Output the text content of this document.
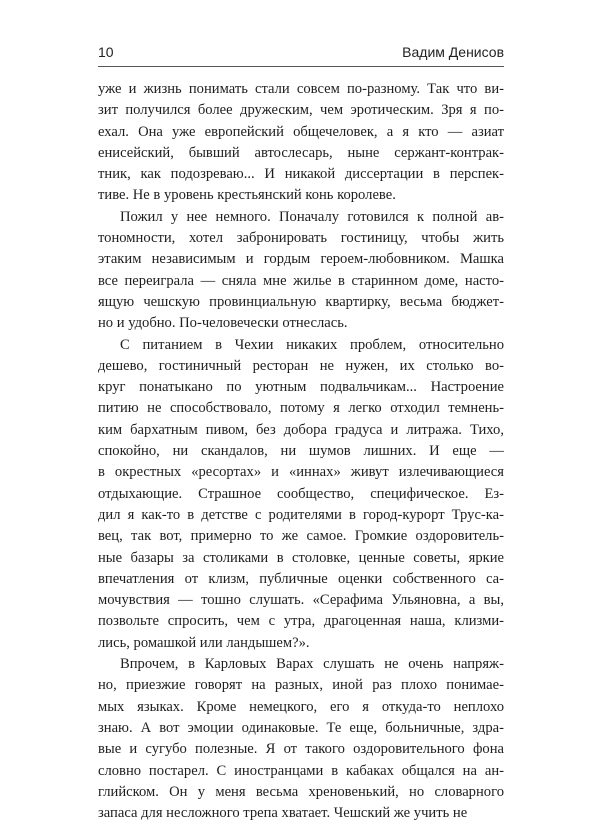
10	Вадим Денисов
уже и жизнь понимать стали совсем по-разному. Так что ви-
зит получился более дружеским, чем эротическим. Зря я по-
ехал. Она уже европейский общечеловек, а я кто — азиат
енисейский, бывший автослесарь, ныне сержант-контрак-
тник, как подозреваю... И никакой диссертации в перспек-
тиве. Не в уровень крестьянский конь королеве.
Пожил у нее немного. Поначалу готовился к полной ав-
тономности, хотел забронировать гостиницу, чтобы жить
этаким независимым и гордым героем-любовником. Машка
все переиграла — сняла мне жилье в старинном доме, насто-
ящую чешскую провинциальную квартирку, весьма бюджет-
но и удобно. По-человечески отнеслась.
С питанием в Чехии никаких проблем, относительно
дешево, гостиничный ресторан не нужен, их столько во-
круг понатыкано по уютным подвальчикам... Настроение
питию не способствовало, потому я легко отходил темнень-
ким бархатным пивом, без добора градуса и литража. Тихо,
спокойно, ни скандалов, ни шумов лишних. И еще —
в окрестных «ресортах» и «иннах» живут излечивающиеся
отдыхающие. Страшное сообщество, специфическое. Ез-
дил я как-то в детстве с родителями в город-курорт Трус-ка-
вец, так вот, примерно то же самое. Громкие оздоровитель-
ные базары за столиками в столовке, ценные советы, яркие
впечатления от клизм, публичные оценки собственного са-
мочувствия — тошно слушать. «Серафима Ульяновна, а вы,
позвольте спросить, чем с утра, драгоценная наша, клизми-
лись, ромашкой или ландышем?».
Впрочем, в Карловых Варах слушать не очень напряж-
но, приезжие говорят на разных, иной раз плохо понимае-
мых языках. Кроме немецкого, его я откуда-то неплохо
знаю. А вот эмоции одинаковые. Те еще, больничные, здра-
вые и сугубо полезные. Я от такого оздоровительного фона
словно постарел. С иностранцами в кабаках общался на ан-
глийском. Он у меня весьма хреновенький, но словарного
запаса для несложного трепа хватает. Чешский же учить не
